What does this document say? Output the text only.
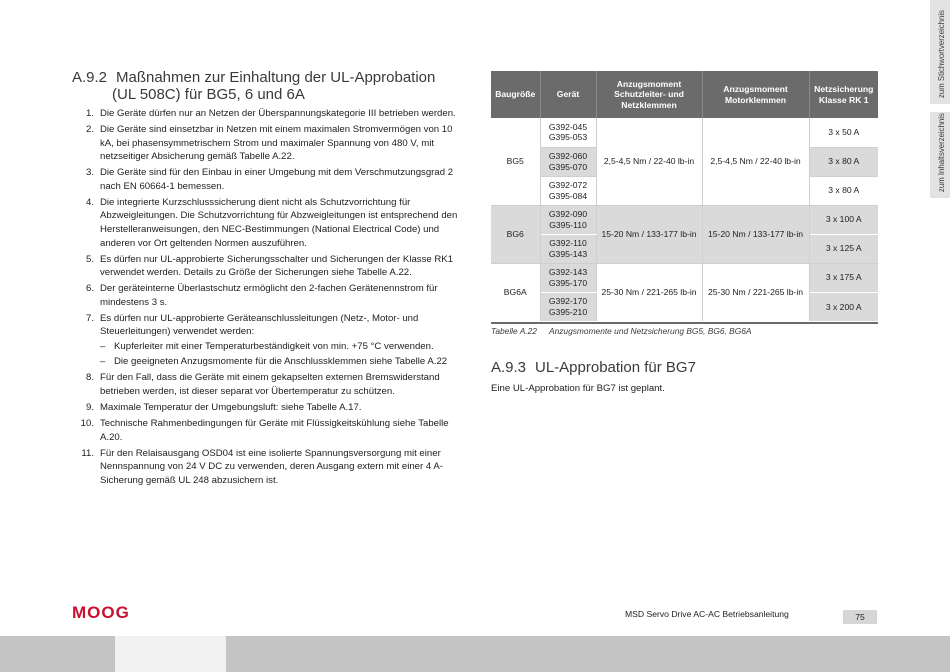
A.9.2 Maßnahmen zur Einhaltung der UL-Approbation
(UL 508C) für BG5, 6 und 6A
1. Die Geräte dürfen nur an Netzen der Überspannungskategorie III betrieben werden.
2. Die Geräte sind einsetzbar in Netzen mit einem maximalen Stromvermögen von 10 kA, bei phasensymmetrischem Strom und maximaler Spannung von 480 V, mit netzseitiger Absicherung gemäß Tabelle A.22.
3. Die Geräte sind für den Einbau in einer Umgebung mit dem Verschmutzungsgrad 2 nach EN 60664-1 bemessen.
4. Die integrierte Kurzschlusssicherung dient nicht als Schutzvorrichtung für Abzweigleitungen. Die Schutzvorrichtung für Abzweigleitungen ist entsprechend den Herstelleranweisungen, den NEC-Bestimmungen (National Electrical Code) und anderen vor Ort geltenden Normen auszuführen.
5. Es dürfen nur UL-approbierte Sicherungsschalter und Sicherungen der Klasse RK1 verwendet werden. Details zu Größe der Sicherungen siehe Tabelle A.22.
6. Der geräteinterne Überlastschutz ermöglicht den 2-fachen Gerätenennstrom für mindestens 3 s.
7. Es dürfen nur UL-approbierte Geräteanschlussleitungen (Netz-, Motor- und Steuerleitungen) verwendet werden:
– Kupferleiter mit einer Temperaturbeständigkeit von min. +75 °C verwenden.
– Die geeigneten Anzugsmomente für die Anschlussklemmen siehe Tabelle A.22
8. Für den Fall, dass die Geräte mit einem gekapselten externen Bremswiderstand betrieben werden, ist dieser separat vor Übertemperatur zu schützen.
9. Maximale Temperatur der Umgebungsluft: siehe Tabelle A.17.
10. Technische Rahmenbedingungen für Geräte mit Flüssigkeitskühlung siehe Tabelle A.20.
11. Für den Relaisausgang OSD04 ist eine isolierte Spannungsversorgung mit einer Nennspannung von 24 V DC zu verwenden, deren Ausgang extern mit einer 4 A-Sicherung gemäß UL 248 abzusichern ist.
Baugröße	Gerät	Anzugsmoment Schutzleiter- und Netzklemmen	Anzugsmoment Motorklemmen	Netzsicherung Klasse RK 1
BG5	G392-045 G395-053	2,5-4,5 Nm / 22-40 lb-in	2,5-4,5 Nm / 22-40 lb-in	3 x 50 A
	G392-060 G395-070			3 x 80 A
	G392-072 G395-084			3 x 80 A
BG6	G392-090 G395-110	15-20 Nm / 133-177 lb-in	15-20 Nm / 133-177 lb-in	3 x 100 A
	G392-110 G395-143			3 x 125 A
BG6A	G392-143 G395-170	25-30 Nm / 221-265 lb-in	25-30 Nm / 221-265 lb-in	3 x 175 A
	G392-170 G395-210			3 x 200 A
Tabelle A.22 Anzugsmomente und Netzsicherung BG5, BG6, BG6A
A.9.3 UL-Approbation für BG7
Eine UL-Approbation für BG7 ist geplant.
zum Stichwortverzeichnis
zum Inhaltsverzeichnis
MOOG	MSD Servo Drive AC-AC Betriebsanleitung	75
